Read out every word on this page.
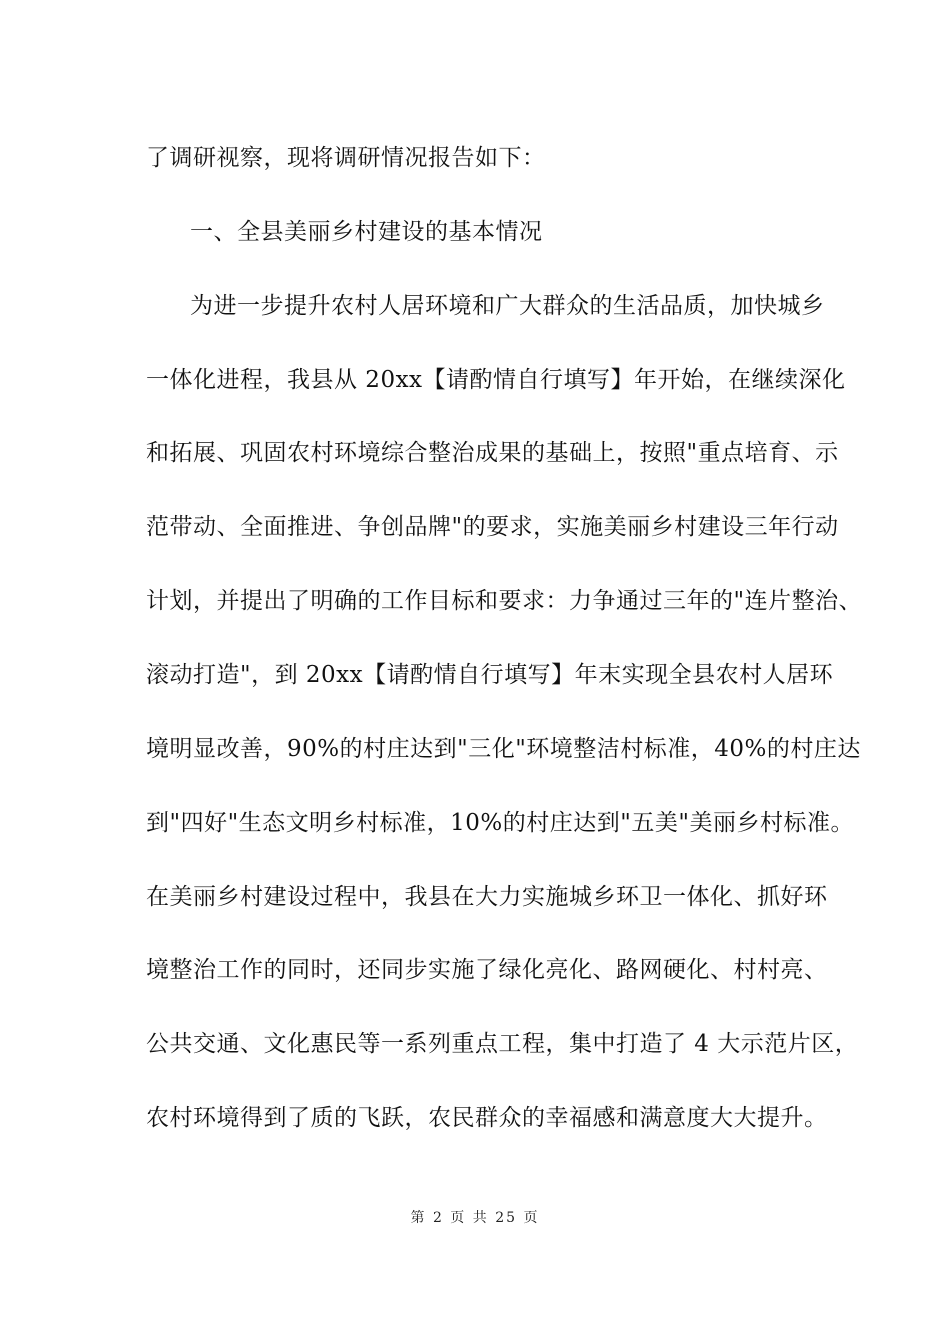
了调研视察，现将调研情况报告如下：
一、全县美丽乡村建设的基本情况
为进一步提升农村人居环境和广大群众的生活品质，加快城乡
一体化进程，我县从 20xx【请酌情自行填写】年开始，在继续深化
和拓展、巩固农村环境综合整治成果的基础上，按照"重点培育、示
范带动、全面推进、争创品牌"的要求，实施美丽乡村建设三年行动
计划，并提出了明确的工作目标和要求：力争通过三年的"连片整治、
滚动打造"，到 20xx【请酌情自行填写】年末实现全县农村人居环
境明显改善，90%的村庄达到"三化"环境整洁村标准，40%的村庄达
到"四好"生态文明乡村标准，10%的村庄达到"五美"美丽乡村标准。
在美丽乡村建设过程中，我县在大力实施城乡环卫一体化、抓好环
境整治工作的同时，还同步实施了绿化亮化、路网硬化、村村亮、
公共交通、文化惠民等一系列重点工程，集中打造了 4 大示范片区，
农村环境得到了质的飞跃，农民群众的幸福感和满意度大大提升。
第 2 页 共 25 页
